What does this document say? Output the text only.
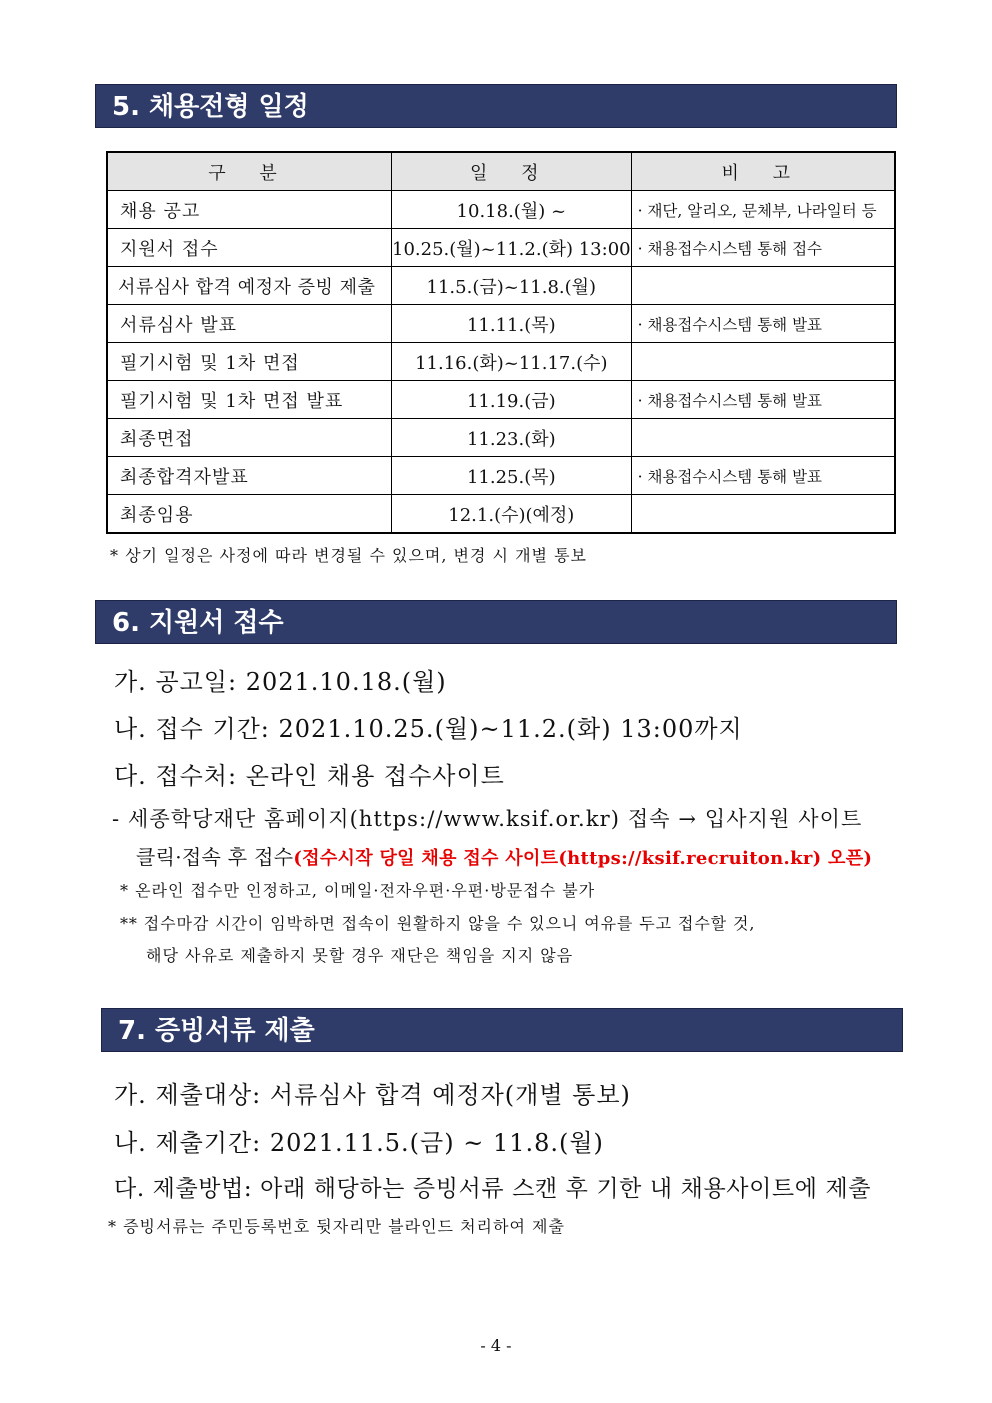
5. 채용전형 일정
구 분	일 정	비 고
채용 공고	10.18.(월) ~	· 재단, 알리오, 문체부, 나라일터 등
지원서 접수	10.25.(월)~11.2.(화) 13:00	· 채용접수시스템 통해 접수
서류심사 합격 예정자 증빙 제출	11.5.(금)~11.8.(월)	
서류심사 발표	11.11.(목)	· 채용접수시스템 통해 발표
필기시험 및 1차 면접	11.16.(화)~11.17.(수)	
필기시험 및 1차 면접 발표	11.19.(금)	· 채용접수시스템 통해 발표
최종면접	11.23.(화)	
최종합격자발표	11.25.(목)	· 채용접수시스템 통해 발표
최종임용	12.1.(수)(예정)	
* 상기 일정은 사정에 따라 변경될 수 있으며, 변경 시 개별 통보
6. 지원서 접수
가. 공고일: 2021.10.18.(월)
나. 접수 기간: 2021.10.25.(월)~11.2.(화) 13:00까지
다. 접수처: 온라인 채용 접수사이트
- 세종학당재단 홈페이지(https://www.ksif.or.kr) 접속 → 입사지원 사이트
클릭·접속 후 접수(접수시작 당일 채용 접수 사이트(https://ksif.recruiton.kr) 오픈)
* 온라인 접수만 인정하고, 이메일·전자우편·우편·방문접수 불가
** 접수마감 시간이 임박하면 접속이 원활하지 않을 수 있으니 여유를 두고 접수할 것,
해당 사유로 제출하지 못할 경우 재단은 책임을 지지 않음
7. 증빙서류 제출
가. 제출대상: 서류심사 합격 예정자(개별 통보)
나. 제출기간: 2021.11.5.(금) ~ 11.8.(월)
다. 제출방법: 아래 해당하는 증빙서류 스캔 후 기한 내 채용사이트에 제출
* 증빙서류는 주민등록번호 뒷자리만 블라인드 처리하여 제출
- 4 -
